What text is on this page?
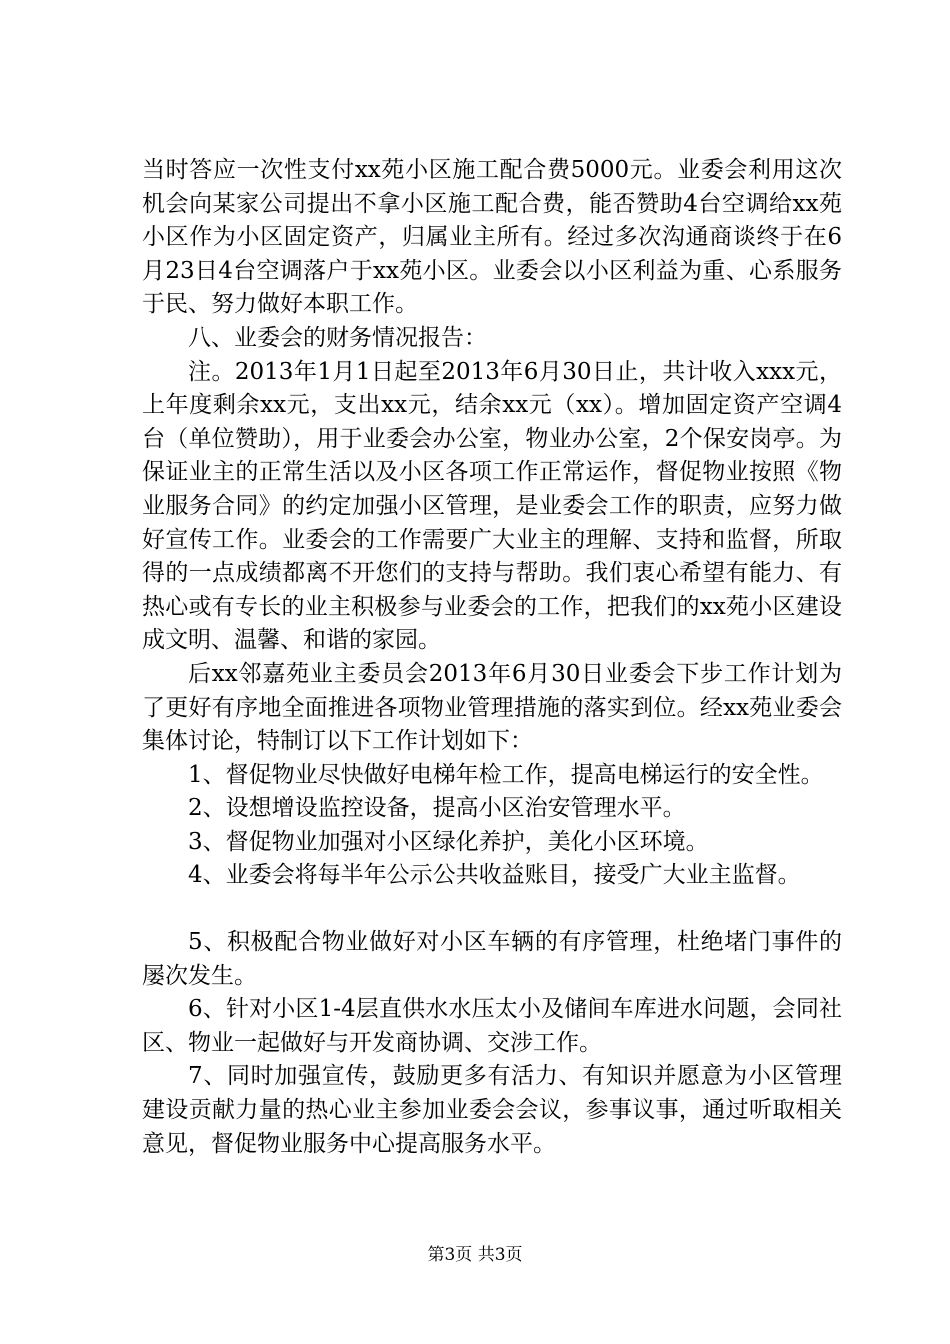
当时答应一次性支付xx苑小区施工配合费5000元。业委会利用这次机会向某家公司提出不拿小区施工配合费，能否赞助4台空调给xx苑小区作为小区固定资产，归属业主所有。经过多次沟通商谈终于在6月23日4台空调落户于xx苑小区。业委会以小区利益为重、心系服务于民、努力做好本职工作。

八、业委会的财务情况报告：

注。2013年1月1日起至2013年6月30日止，共计收入xxx元，上年度剩余xx元，支出xx元，结余xx元（xx）。增加固定资产空调4台（单位赞助），用于业委会办公室，物业办公室，2个保安岗亭。为保证业主的正常生活以及小区各项工作正常运作，督促物业按照《物业服务合同》的约定加强小区管理，是业委会工作的职责，应努力做好宣传工作。业委会的工作需要广大业主的理解、支持和监督，所取得的一点成绩都离不开您们的支持与帮助。我们衷心希望有能力、有热心或有专长的业主积极参与业委会的工作，把我们的xx苑小区建设成文明、温馨、和谐的家园。

后xx邻嘉苑业主委员会2013年6月30日业委会下步工作计划为了更好有序地全面推进各项物业管理措施的落实到位。经xx苑业委会集体讨论，特制订以下工作计划如下：

1、督促物业尽快做好电梯年检工作，提高电梯运行的安全性。

2、设想增设监控设备，提高小区治安管理水平。

3、督促物业加强对小区绿化养护，美化小区环境。

4、业委会将每半年公示公共收益账目，接受广大业主监督。

5、积极配合物业做好对小区车辆的有序管理，杜绝堵门事件的屡次发生。

6、针对小区1-4层直供水水压太小及储间车库进水问题，会同社区、物业一起做好与开发商协调、交涉工作。

7、同时加强宣传，鼓励更多有活力、有知识并愿意为小区管理建设贡献力量的热心业主参加业委会会议，参事议事，通过听取相关意见，督促物业服务中心提高服务水平。

第3页 共3页
